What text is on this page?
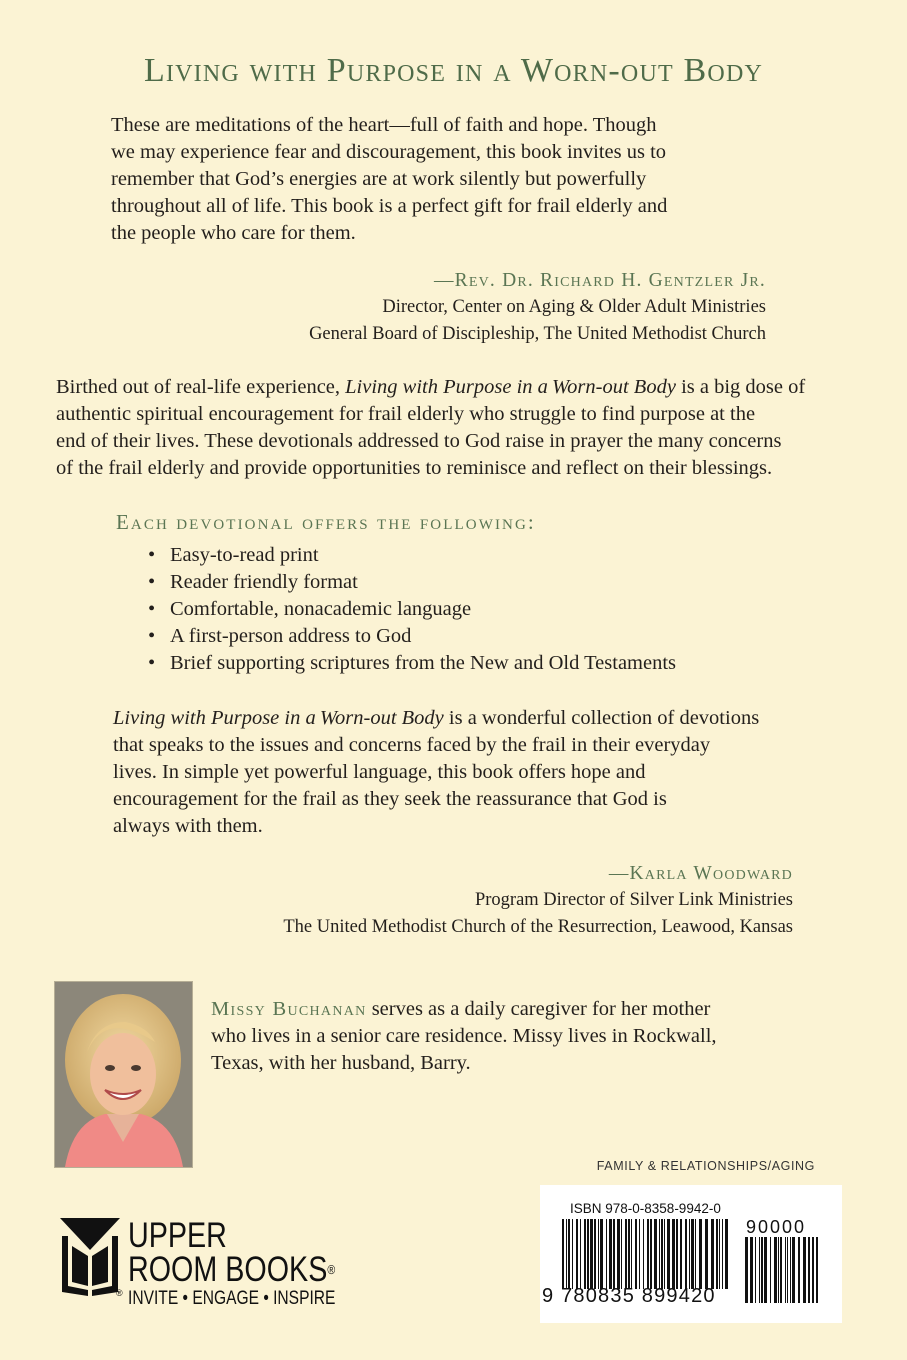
Living with Purpose in a Worn-out Body

These are meditations of the heart—full of faith and hope. Though
we may experience fear and discouragement, this book invites us to
remember that God’s energies are at work silently but powerfully
throughout all of life. This book is a perfect gift for frail elderly and
the people who care for them.

—Rev. Dr. Richard H. Gentzler Jr.
Director, Center on Aging & Older Adult Ministries
General Board of Discipleship, The United Methodist Church

Birthed out of real-life experience, Living with Purpose in a Worn-out Body is a big dose of
authentic spiritual encouragement for frail elderly who struggle to find purpose at the
end of their lives. These devotionals addressed to God raise in prayer the many concerns
of the frail elderly and provide opportunities to reminisce and reflect on their blessings.

Each devotional offers the following:
• Easy-to-read print
• Reader friendly format
• Comfortable, nonacademic language
• A first-person address to God
• Brief supporting scriptures from the New and Old Testaments

Living with Purpose in a Worn-out Body is a wonderful collection of devotions
that speaks to the issues and concerns faced by the frail in their everyday
lives. In simple yet powerful language, this book offers hope and
encouragement for the frail as they seek the reassurance that God is
always with them.

—Karla Woodward
Program Director of Silver Link Ministries
The United Methodist Church of the Resurrection, Leawood, Kansas

Missy Buchanan serves as a daily caregiver for her mother
who lives in a senior care residence. Missy lives in Rockwall,
Texas, with her husband, Barry.

UPPER
ROOM BOOKS®
® INVITE • ENGAGE • INSPIRE
FAMILY & RELATIONSHIPS/AGING
ISBN 978-0-8358-9942-0
90000
9 780835 899420
